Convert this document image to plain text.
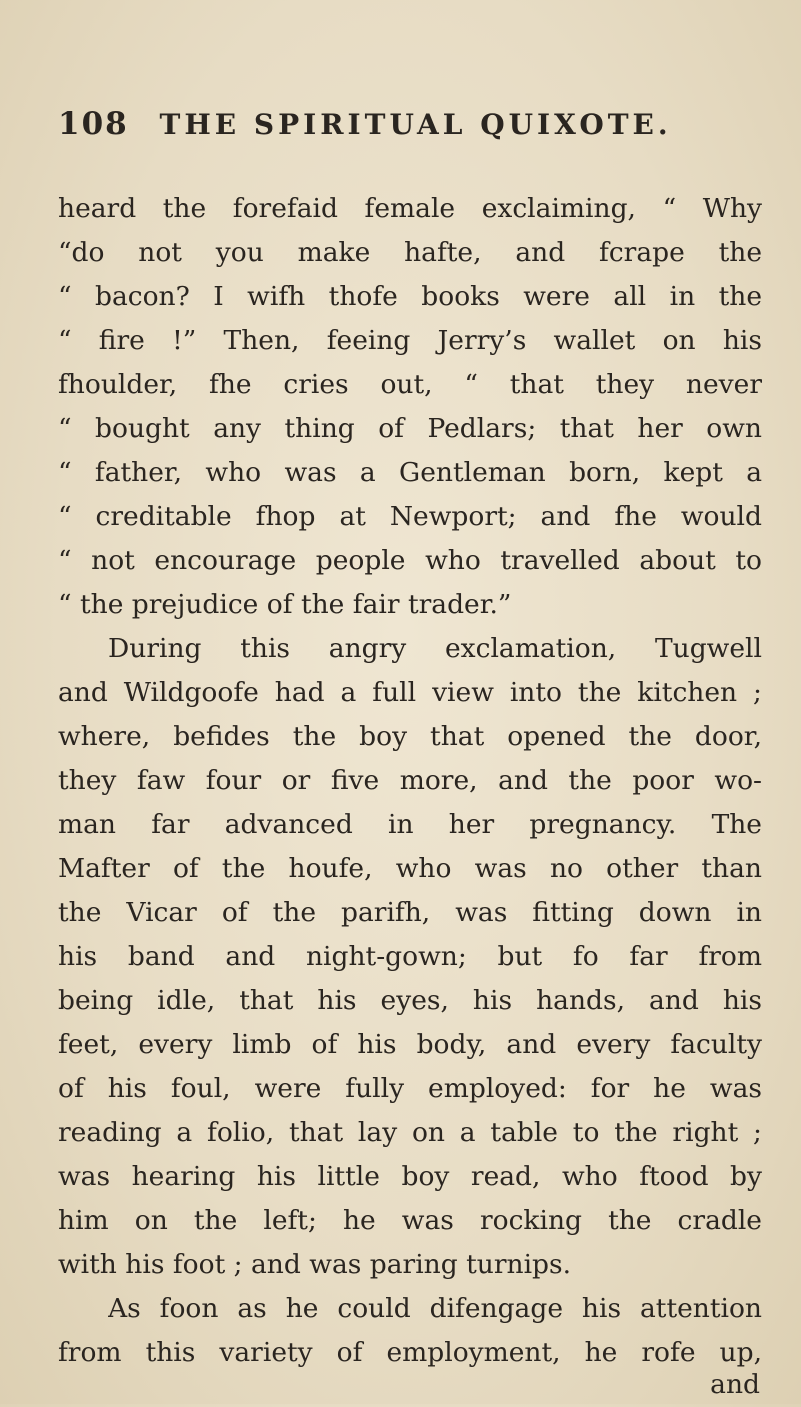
108 THE SPIRITUAL QUIXOTE.
heard the forefaid female exclaiming, “ Why
“do not you make hafte, and fcrape the
“ bacon? I wifh thofe books were all in the
“ fire !” Then, feeing Jerry’s wallet on his
fhoulder, fhe cries out, “ that they never
“ bought any thing of Pedlars; that her own
“ father, who was a Gentleman born, kept a
“ creditable fhop at Newport; and fhe would
“ not encourage people who travelled about to
“ the prejudice of the fair trader.”
During this angry exclamation, Tugwell
and Wildgoofe had a full view into the kitchen ;
where, befides the boy that opened the door,
they faw four or five more, and the poor wo-
man far advanced in her pregnancy. The
Mafter of the houfe, who was no other than
the Vicar of the parifh, was fitting down in
his band and night-gown; but fo far from
being idle, that his eyes, his hands, and his
feet, every limb of his body, and every faculty
of his foul, were fully employed: for he was
reading a folio, that lay on a table to the right ;
was hearing his little boy read, who ftood by
him on the left; he was rocking the cradle
with his foot ; and was paring turnips.
As foon as he could difengage his attention
from this variety of employment, he rofe up,
and
